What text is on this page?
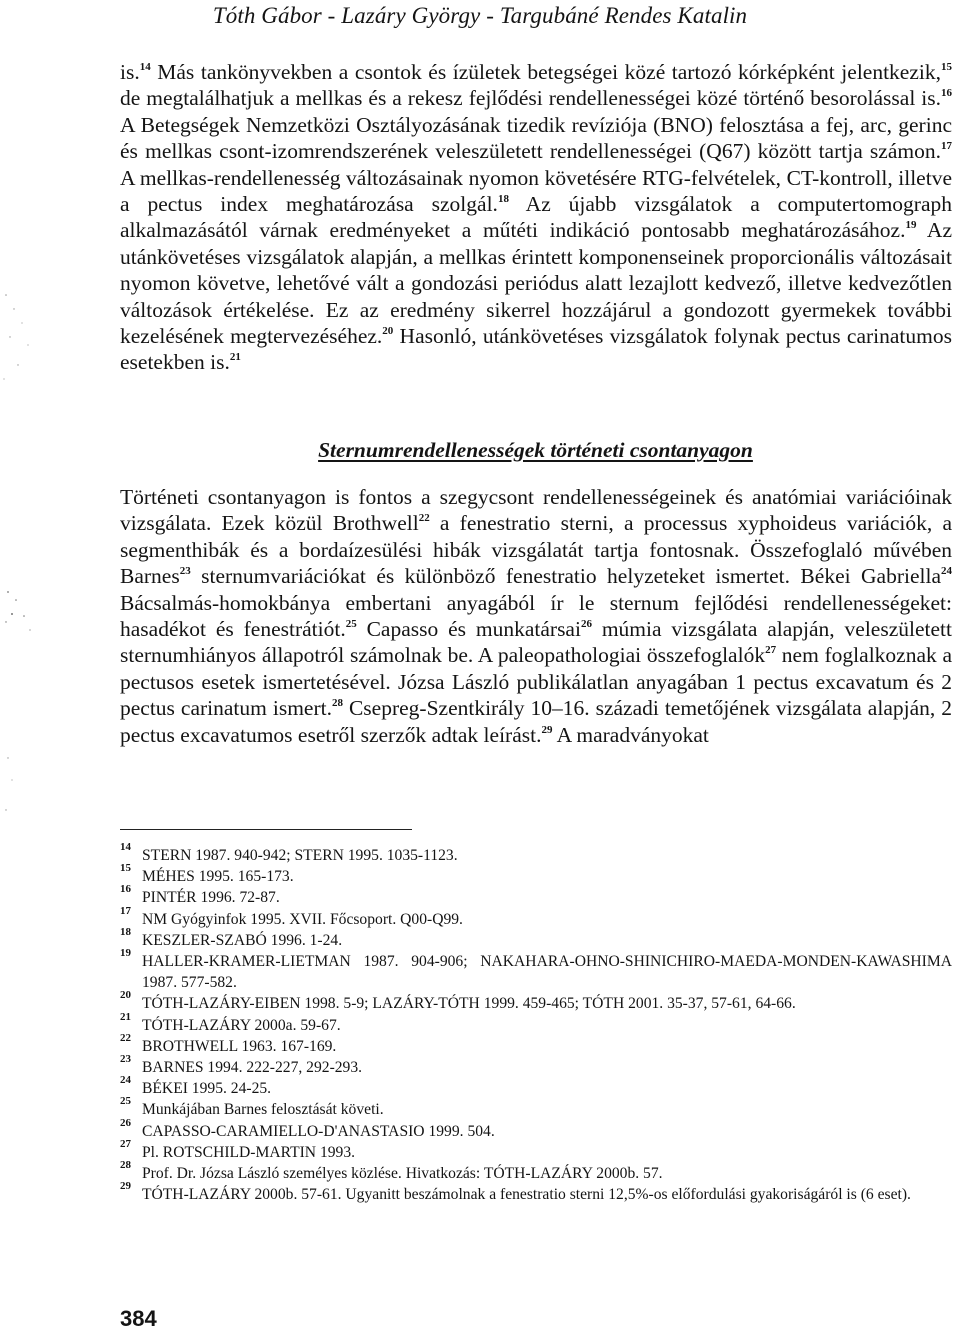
Tóth Gábor - Lazáry György - Targubáné Rendes Katalin

is.$^{14}$ Más tankönyvekben a csontok és ízületek betegségei közé tartozó kórképként jelentkezik,$^{15}$ de megtalálhatjuk a mellkas és a rekesz fejlődési rendellenességei közé történő besorolással is.$^{16}$ A Betegségek Nemzetközi Osztályozásának tizedik revíziója (BNO) felosztása a fej, arc, gerinc és mellkas csont-izomrendszerének veleszületett rendellenességei (Q67) között tartja számon.$^{17}$ A mellkas-rendellenesség változásainak nyomon követésére RTG-felvételek, CT-kontroll, illetve a pectus index meghatározása szolgál.$^{18}$ Az újabb vizsgálatok a computertomograph alkalmazásától várnak eredményeket a műtéti indikáció pontosabb meghatározásához.$^{19}$ Az utánkövetéses vizsgálatok alapján, a mellkas érintett komponenseinek proporcionális változásait nyomon követve, lehetővé vált a gondozási periódus alatt lezajlott kedvező, illetve kedvezőtlen változások értékelése. Ez az eredmény sikerrel hozzájárul a gondozott gyermekek további kezelésének megtervezéséhez.$^{20}$ Hasonló, utánkövetéses vizsgálatok folynak pectus carinatumos esetekben is.$^{21}$

Sternumrendellenességek történeti csontanyagon

Történeti csontanyagon is fontos a szegycsont rendellenességeinek és anatómiai variációinak vizsgálata. Ezek közül Brothwell$^{22}$ a fenestratio sterni, a processus xyphoideus variációk, a segmenthibák és a bordaízesülési hibák vizsgálatát tartja fontosnak. Összefoglaló művében Barnes$^{23}$ sternumvariációkat és különböző fenestratio helyzeteket ismertet. Békei Gabriella$^{24}$ Bácsalmás-homokbánya embertani anyagából ír le sternum fejlődési rendellenességeket: hasadékot és fenestrátiót.$^{25}$ Capasso és munkatársai$^{26}$ múmia vizsgálata alapján, veleszületett sternumhiányos állapotról számolnak be. A paleopathologiai összefoglalók$^{27}$ nem foglalkoznak a pectusos esetek ismertetésével. Józsa László publikálatlan anyagában 1 pectus excavatum és 2 pectus carinatum ismert.$^{28}$ Csepreg-Szentkirály 10–16. századi temetőjének vizsgálata alapján, 2 pectus excavatumos esetről szerzők adtak leírást.$^{29}$ A maradványokat

14 STERN 1987. 940-942; STERN 1995. 1035-1123.
15 MÉHES 1995. 165-173.
16 PINTÉR 1996. 72-87.
17 NM Gyógyinfok 1995. XVII. Főcsoport. Q00-Q99.
18 KESZLER-SZABÓ 1996. 1-24.
19 HALLER-KRAMER-LIETMAN 1987. 904-906; NAKAHARA-OHNO-SHINICHIRO-MAEDA-MONDEN-KAWASHIMA 1987. 577-582.
20 TÓTH-LAZÁRY-EIBEN 1998. 5-9; LAZÁRY-TÓTH 1999. 459-465; TÓTH 2001. 35-37, 57-61, 64-66.
21 TÓTH-LAZÁRY 2000a. 59-67.
22 BROTHWELL 1963. 167-169.
23 BARNES 1994. 222-227, 292-293.
24 BÉKEI 1995. 24-25.
25 Munkájában Barnes felosztását követi.
26 CAPASSO-CARAMIELLO-D'ANASTASIO 1999. 504.
27 Pl. ROTSCHILD-MARTIN 1993.
28 Prof. Dr. Józsa László személyes közlése. Hivatkozás: TÓTH-LAZÁRY 2000b. 57.
29 TÓTH-LAZÁRY 2000b. 57-61. Ugyanitt beszámolnak a fenestratio sterni 12,5%-os előfordulási gyakoriságáról is (6 eset).
384
